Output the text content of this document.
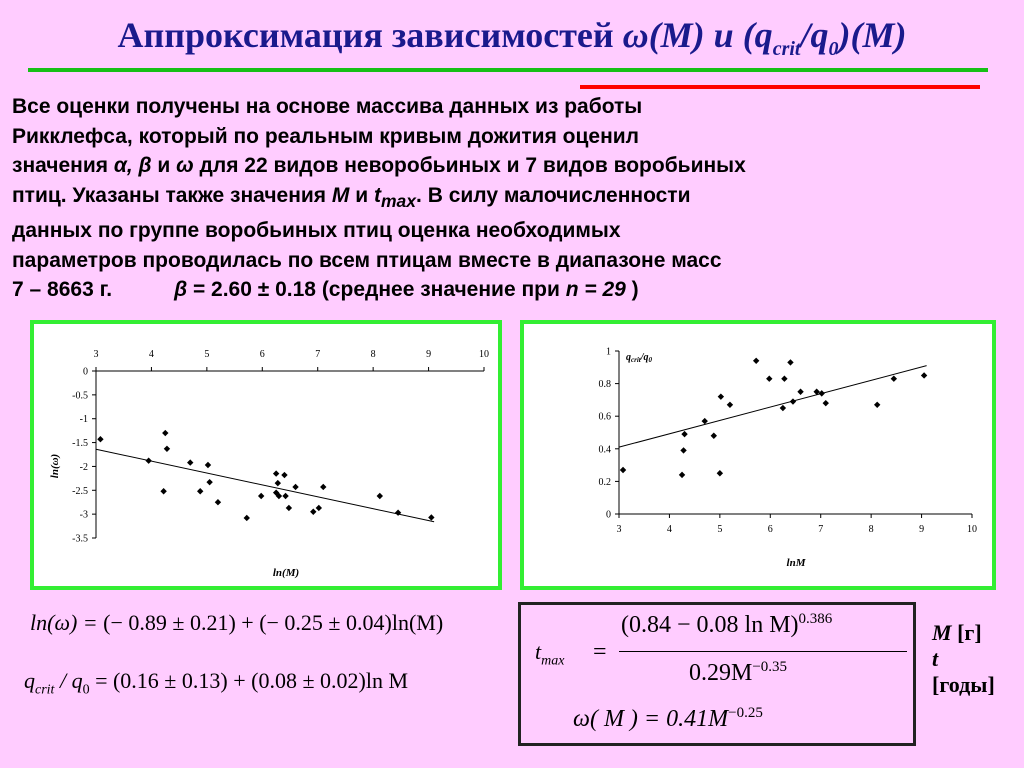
Аппроксимация зависимостей ω(M) и $(q_{crit}/q_0)(M)$
Все оценки получены на основе массива данных из работы
Рикклефса, который по реальным кривым дожития оценил
значения α, β и ω для 22 видов неворобьиных и 7 видов воробьиных
птиц. Указаны также значения M и $t_{max}$. В силу малочисленности
данных по группе воробьиных птиц оценка необходимых
параметров проводилась по всем птицам вместе в диапазоне масс
7 – 8663 г.	β = 2.60 ± 0.18 (среднее значение при n = 29 )
3	4	5	6	7	8	9	10
0
-0.5
-1
-1.5
-2
-2.5
-3
-3.5
ln(ω)
ln(M)
3	4	5	6	7	8	9	10
0
0.2
0.4
0.6
0.8
1 $q_{crit}/q_0$
lnM
ln(ω) = (− 0.89 ± 0.21) + (− 0.25 ± 0.04)ln(M)
$q_{crit} / q_0 = (0.16 \pm 0.13) + (0.08 \pm 0.02)\ln$ M
$t_{max}$ =
(0.84 − 0.08 ln M)$^{0.386}$
$0.29M^{-0.35}$
ω( M ) = $0.41M^{-0.25}$
M [г]
t
[годы]
